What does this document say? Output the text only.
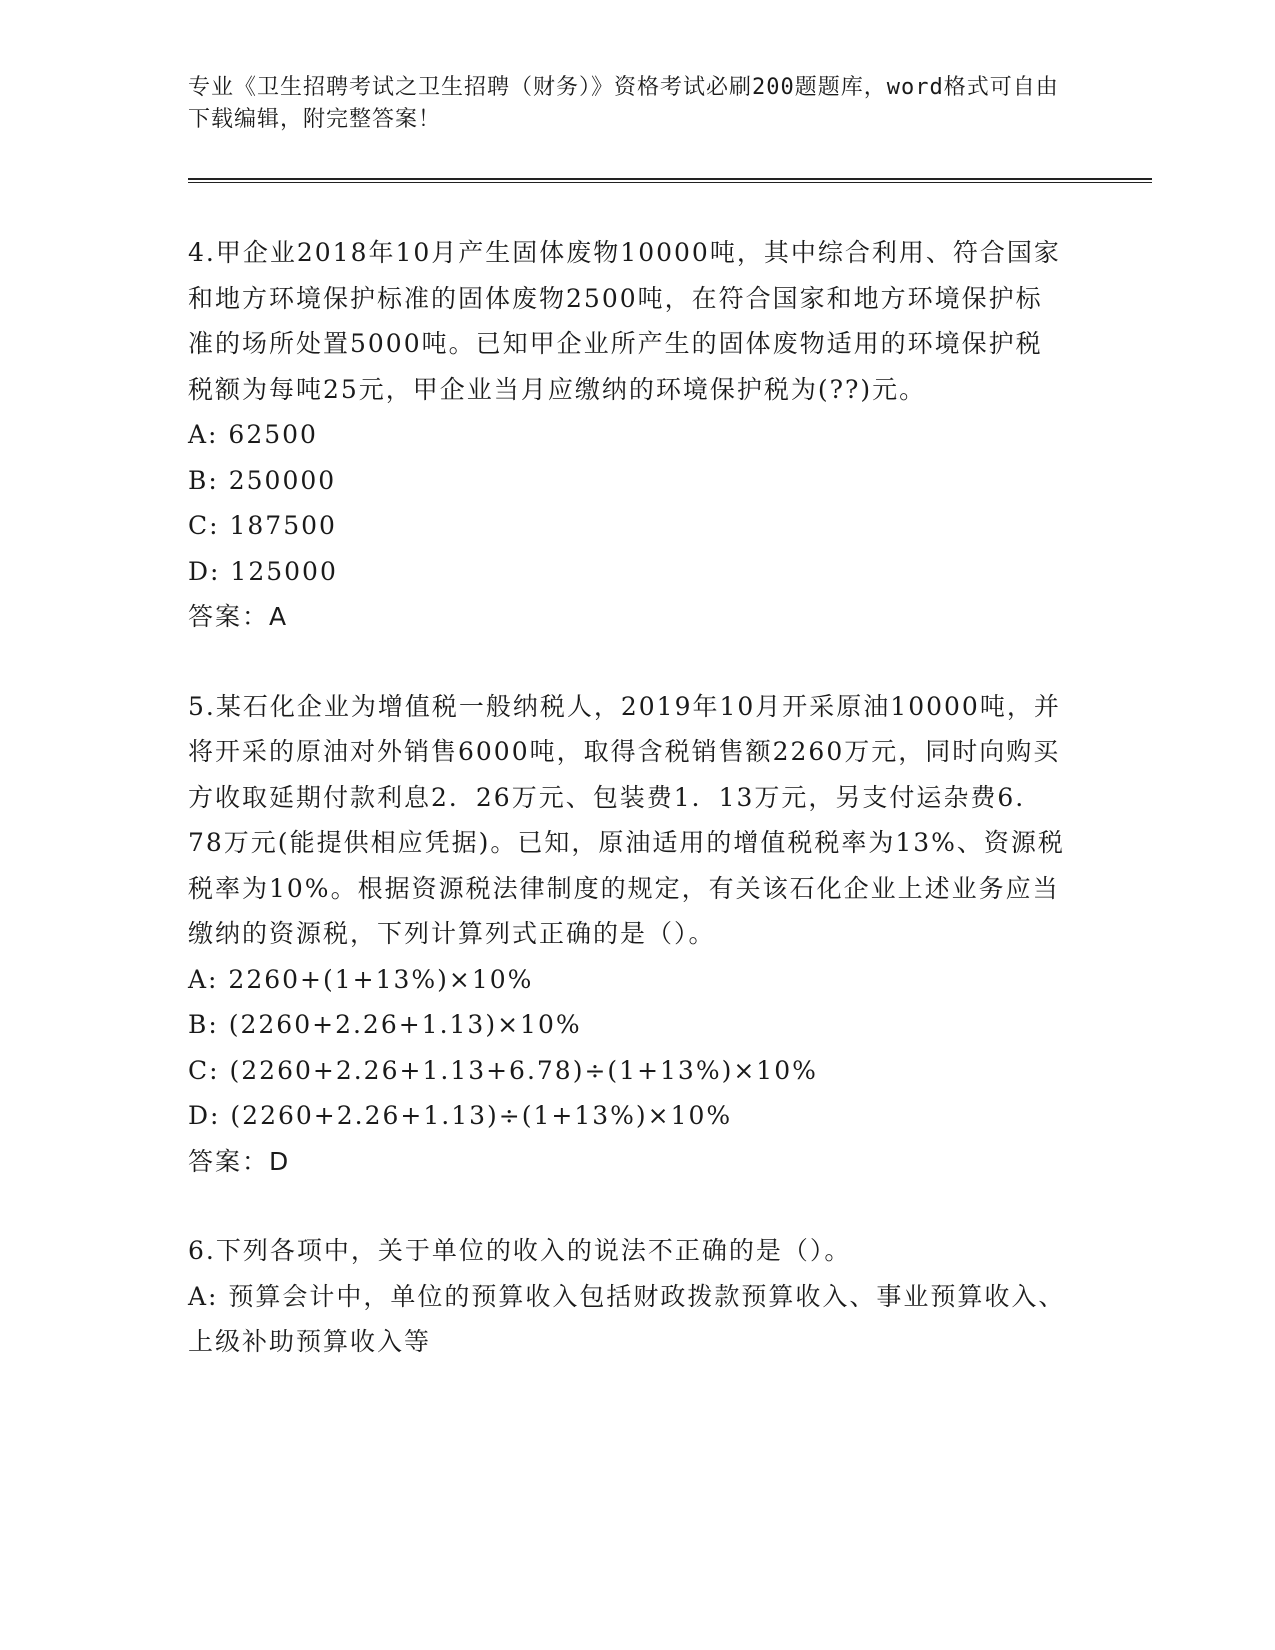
专业《卫生招聘考试之卫生招聘（财务）》资格考试必刷200题题库，word格式可自由下载编辑，附完整答案！
4.甲企业2018年10月产生固体废物10000吨，其中综合利用、符合国家和地方环境保护标准的固体废物2500吨，在符合国家和地方环境保护标准的场所处置5000吨。已知甲企业所产生的固体废物适用的环境保护税税额为每吨25元，甲企业当月应缴纳的环境保护税为(??)元。
A: 62500
B: 250000
C: 187500
D: 125000
答案：A
5.某石化企业为增值税一般纳税人，2019年10月开采原油10000吨，并将开采的原油对外销售6000吨，取得含税销售额2260万元，同时向购买方收取延期付款利息2．26万元、包装费1．13万元，另支付运杂费6．78万元(能提供相应凭据)。已知，原油适用的增值税税率为13%、资源税税率为10%。根据资源税法律制度的规定，有关该石化企业上述业务应当缴纳的资源税，下列计算列式正确的是（）。
A: 2260+(1+13%)×10%
B: (2260+2.26+1.13)×10%
C: (2260+2.26+1.13+6.78)÷(1+13%)×10%
D: (2260+2.26+1.13)÷(1+13%)×10%
答案：D
6.下列各项中，关于单位的收入的说法不正确的是（）。
A: 预算会计中，单位的预算收入包括财政拨款预算收入、事业预算收入、上级补助预算收入等
